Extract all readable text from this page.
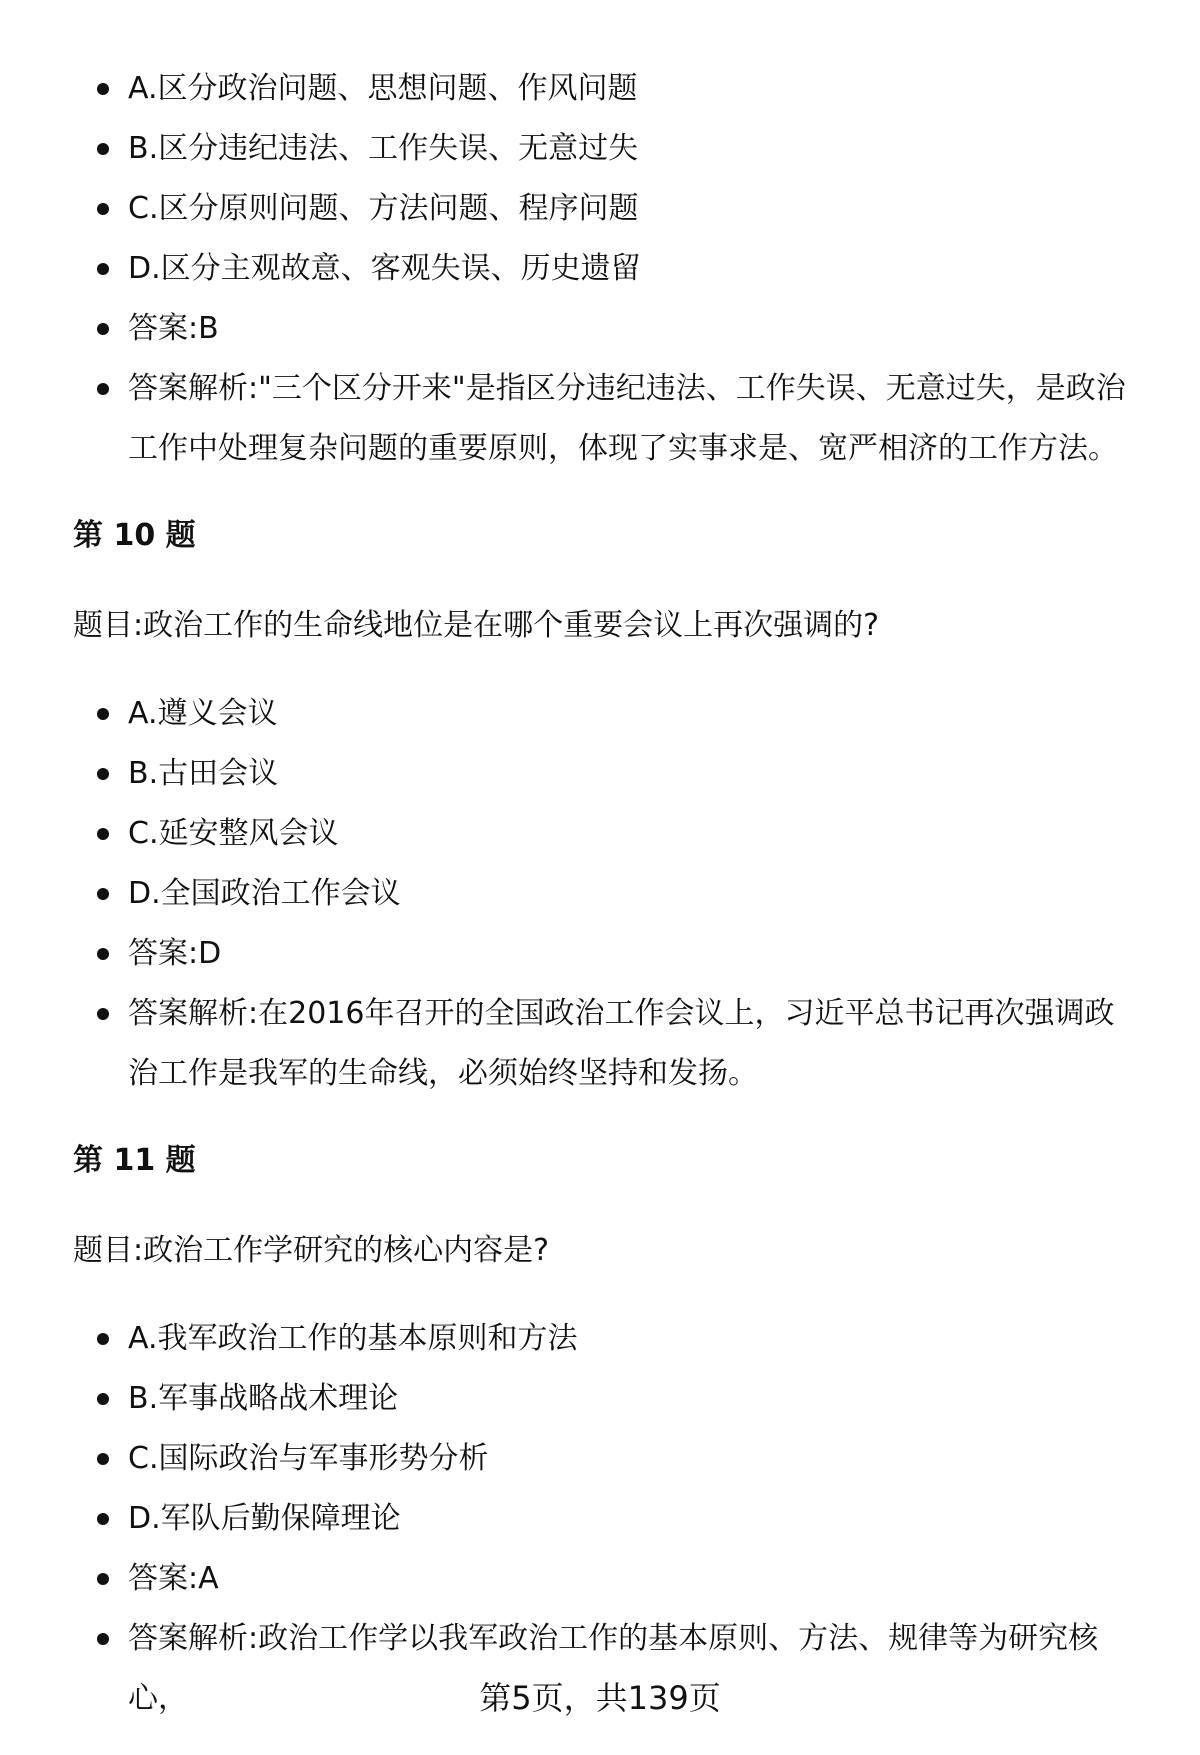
A.区分政治问题、思想问题、作风问题
B.区分违纪违法、工作失误、无意过失
C.区分原则问题、方法问题、程序问题
D.区分主观故意、客观失误、历史遗留
答案:B
答案解析:"三个区分开来"是指区分违纪违法、工作失误、无意过失，是政治工作中处理复杂问题的重要原则，体现了实事求是、宽严相济的工作方法。
第 10 题
题目:政治工作的生命线地位是在哪个重要会议上再次强调的?
A.遵义会议
B.古田会议
C.延安整风会议
D.全国政治工作会议
答案:D
答案解析:在2016年召开的全国政治工作会议上，习近平总书记再次强调政治工作是我军的生命线，必须始终坚持和发扬。
第 11 题
题目:政治工作学研究的核心内容是?
A.我军政治工作的基本原则和方法
B.军事战略战术理论
C.国际政治与军事形势分析
D.军队后勤保障理论
答案:A
答案解析:政治工作学以我军政治工作的基本原则、方法、规律等为研究核心，	第5页，共139页
